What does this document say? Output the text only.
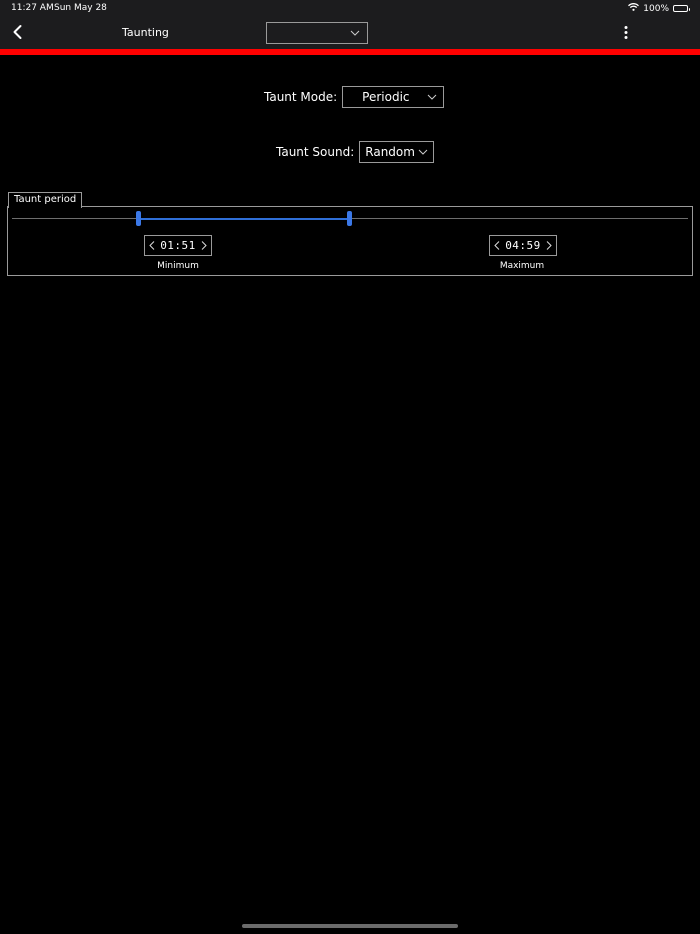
11:27 AM Sun May 28	100%
Taunting
Taunt Mode: Periodic
Taunt Sound: Random
Taunt period
01:51
Minimum
04:59
Maximum
